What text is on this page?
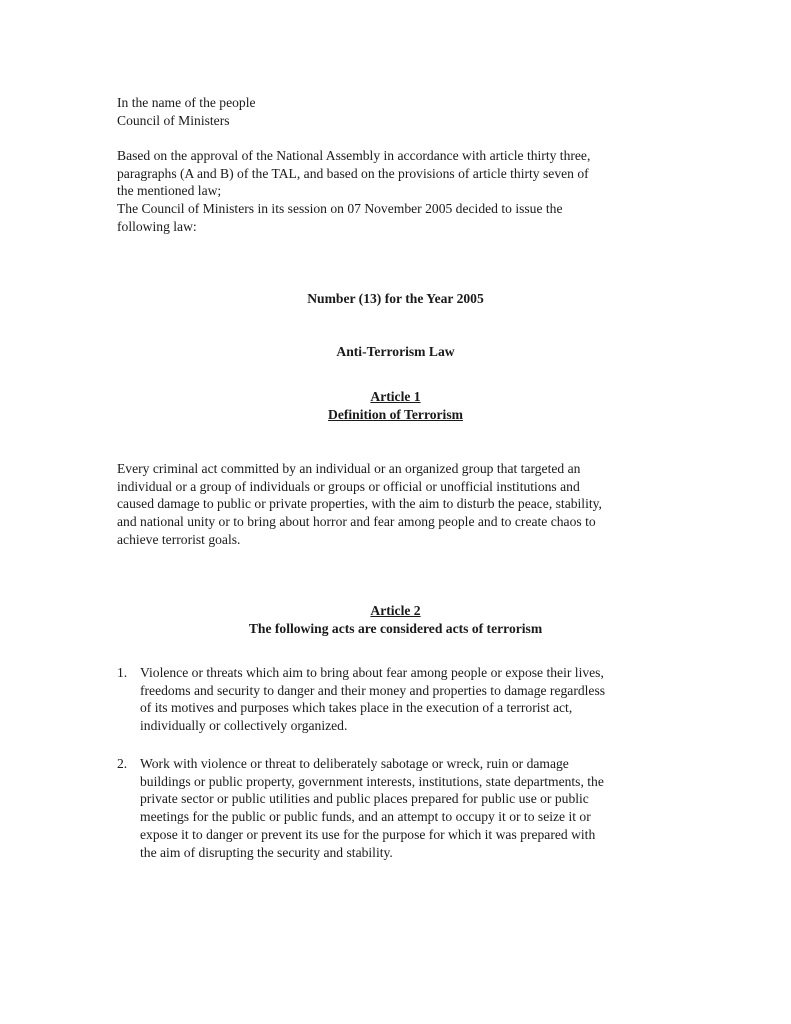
In the name of the people
Council of Ministers
Based on the approval of the National Assembly in accordance with article thirty three,
paragraphs (A and B) of the TAL, and based on the provisions of article thirty seven of
the mentioned law;
The Council of Ministers in its session on 07 November 2005 decided to issue the
following law:
Number (13) for the Year 2005
Anti-Terrorism Law
Article 1
Definition of Terrorism
Every criminal act committed by an individual or an organized group that targeted an
individual or a group of individuals or groups or official or unofficial institutions and
caused damage to public or private properties, with the aim to disturb the peace, stability,
and national unity or to bring about horror and fear among people and to create chaos to
achieve terrorist goals.
Article 2
The following acts are considered acts of terrorism
1. Violence or threats which aim to bring about fear among people or expose their lives,
freedoms and security to danger and their money and properties to damage regardless
of its motives and purposes which takes place in the execution of a terrorist act,
individually or collectively organized.
2. Work with violence or threat to deliberately sabotage or wreck, ruin or damage
buildings or public property, government interests, institutions, state departments, the
private sector or public utilities and public places prepared for public use or public
meetings for the public or public funds, and an attempt to occupy it or to seize it or
expose it to danger or prevent its use for the purpose for which it was prepared with
the aim of disrupting the security and stability.
